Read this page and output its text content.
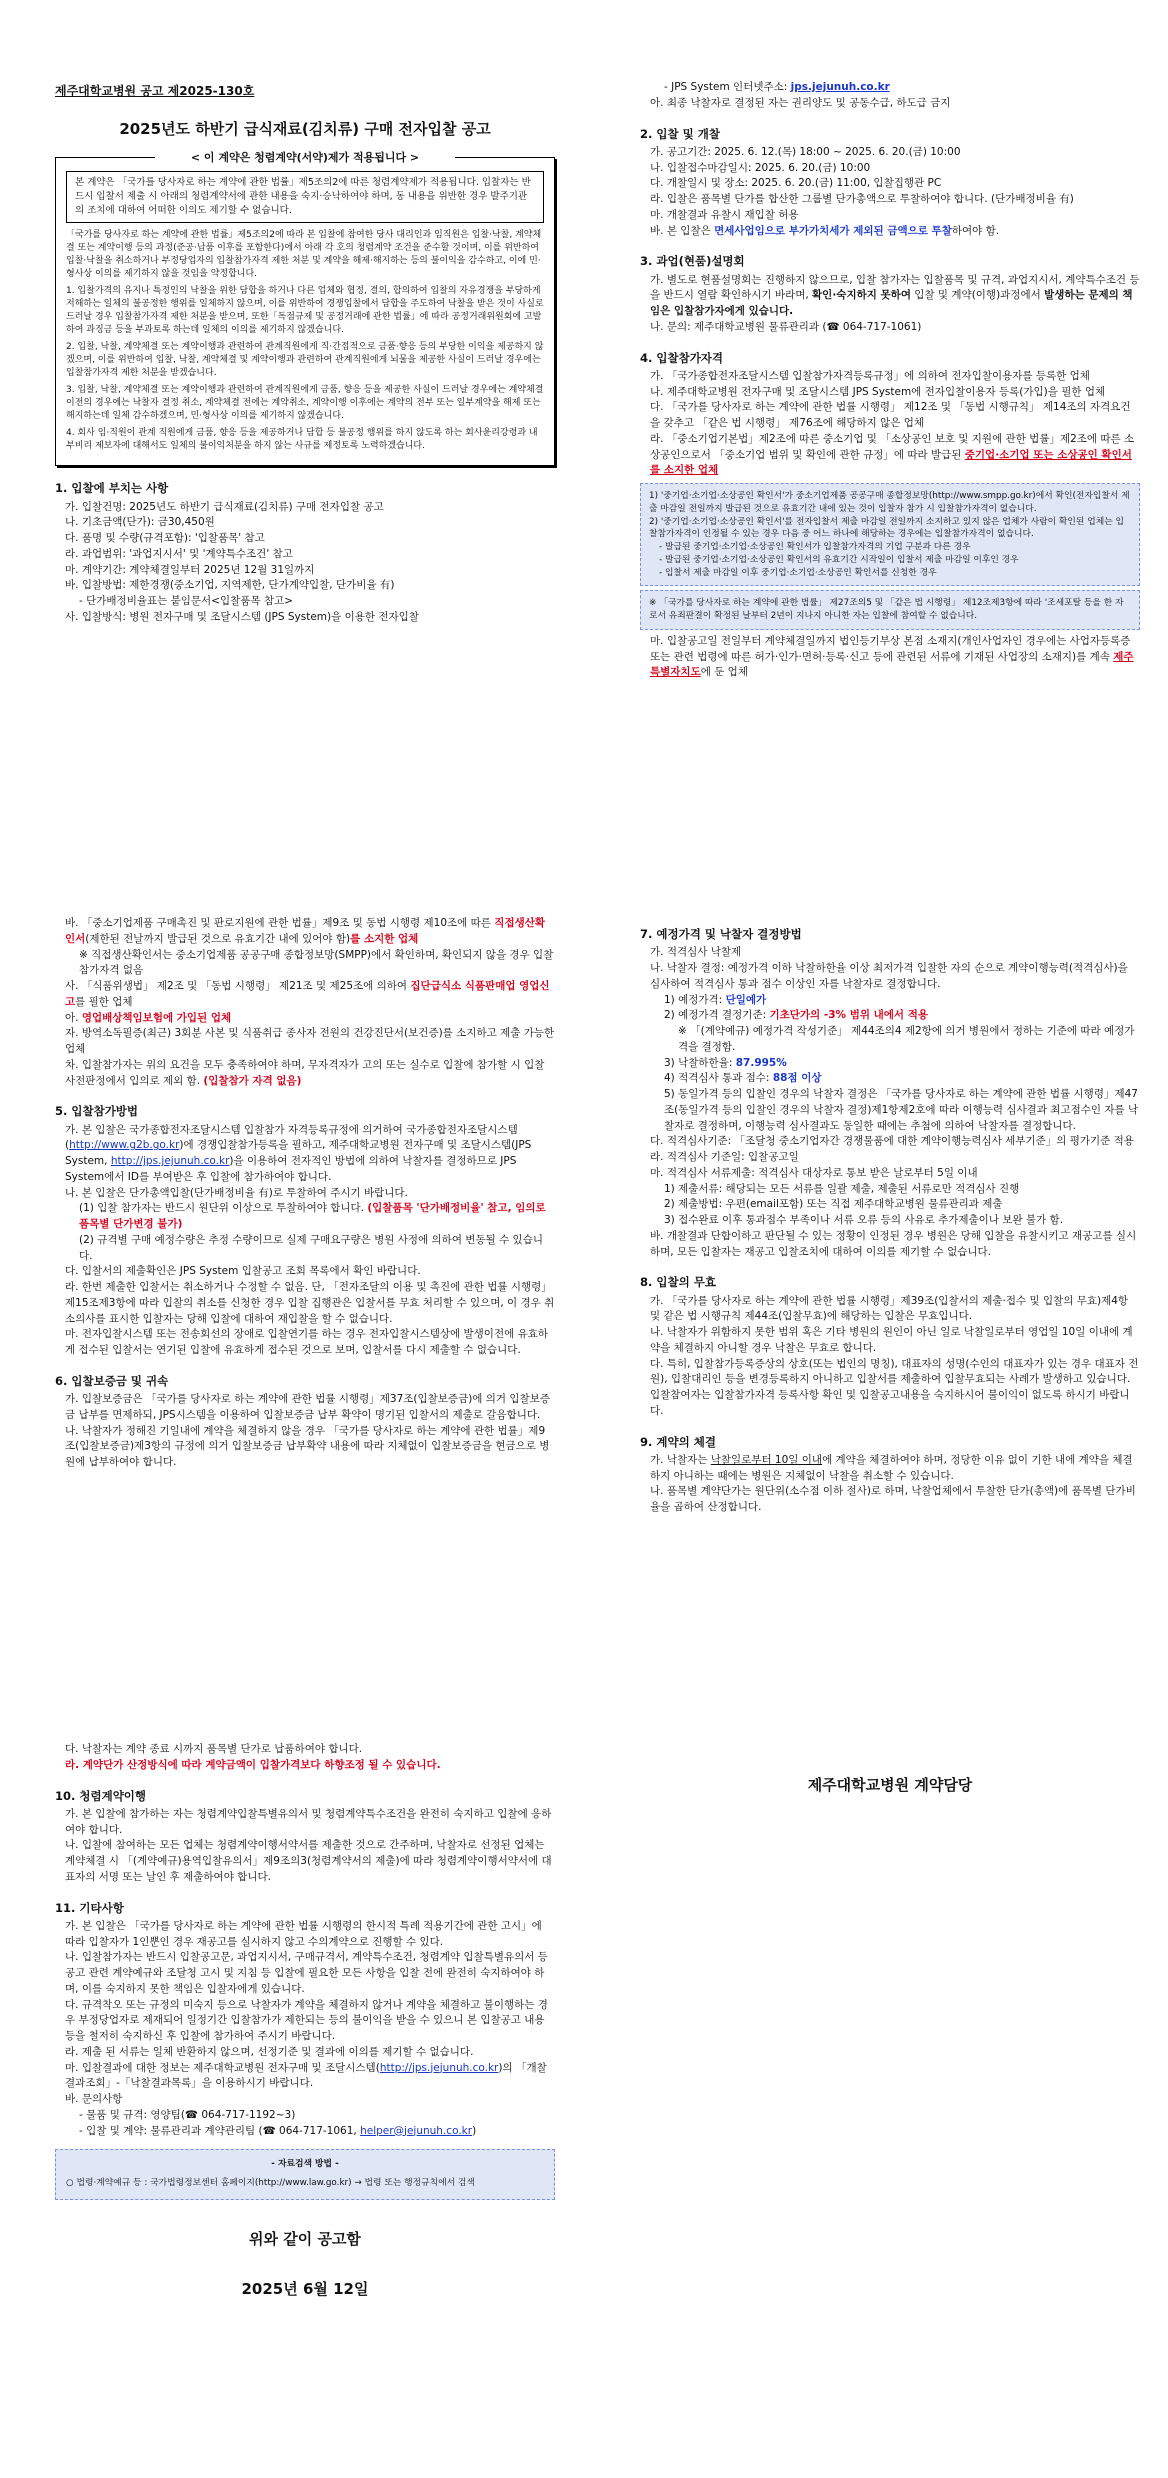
제주대학교병원 공고 제2025-130호
2025년도 하반기 급식재료(김치류) 구매 전자입찰 공고
< 이 계약은 청렴계약(서약)제가 적용됩니다 >
본 계약은 「국가를 당사자로 하는 계약에 관한 법률」제5조의2에 따른 청렴계약제가 적용됩니다. 입찰자는 반드시 입찰서 제출 시 아래의 청렴계약서에 관한 내용을 숙지·승낙하여야 하며, 동 내용을 위반한 경우 발주기관의 조치에 대하여 어떠한 이의도 제기할 수 없습니다.

「국가를 당사자로 하는 계약에 관한 법률」제5조의2에 따라 본 입찰에 참여한 당사 대리인과 임직원은 입찰·낙찰, 계약체결 또는 계약이행 등의 과정(준공·납품 이후를 포함한다)에서 아래 각 호의 청렴계약 조건을 준수할 것이며, 이를 위반하여 입찰·낙찰을 취소하거나 부정당업자의 입찰참가자격 제한 처분 및 계약을 해제·해지하는 등의 불이익을 감수하고, 이에 민·형사상 이의를 제기하지 않을 것임을 약정합니다.

1. 입찰가격의 유지나 특정인의 낙찰을 위한 담합을 하거나 다른 업체와 협정, 결의, 합의하여 입찰의 자유경쟁을 부당하게 저해하는 일체의 불공정한 행위를 일체하지 않으며, 이를 위반하여 경쟁입찰에서 담합을 주도하여 낙찰을 받은 것이 사실로 드러날 경우 입찰참가자격 제한 처분을 받으며, 또한「독점규제 및 공정거래에 관한 법률」에 따라 공정거래위원회에 고발하여 과징금 등을 부과토록 하는데 일체의 이의를 제기하지 않겠습니다.

2. 입찰, 낙찰, 계약체결 또는 계약이행과 관련하여 관계직원에게 직·간접적으로 금품·향응 등의 부당한 이익을 제공하지 않겠으며, 이를 위반하여 입찰, 낙찰, 계약체결 및 계약이행과 관련하여 관계직원에게 뇌물을 제공한 사실이 드러날 경우에는 입찰참가자격 제한 처분을 받겠습니다.

3. 입찰, 낙찰, 계약체결 또는 계약이행과 관련하여 관계직원에게 금품, 향응 등을 제공한 사실이 드러날 경우에는 계약체결 이전의 경우에는 낙찰자 결정 취소, 계약체결 전에는 계약취소, 계약이행 이후에는 계약의 전부 또는 일부계약을 해제 또는 해지하는데 일체 감수하겠으며, 민·형사상 이의를 제기하지 않겠습니다.

4. 회사 임·직원이 관계 직원에게 금품, 향응 등을 제공하거나 담합 등 불공정 행위를 하지 않도록 하는 회사윤리강령과 내부비리 제보자에 대해서도 일체의 불이익처분을 하지 않는 사규를 제정토록 노력하겠습니다.

1. 입찰에 부치는 사항
가. 입찰건명: 2025년도 하반기 급식재료(김치류) 구매 전자입찰 공고
나. 기초금액(단가): 금30,450원
다. 품명 및 수량(규격포함): '입찰품목' 참고
라. 과업범위: '과업지시서' 및 '계약특수조건' 참고
마. 계약기간: 계약체결일부터 2025년 12월 31일까지
바. 입찰방법: 제한경쟁(중소기업, 지역제한, 단가계약입찰, 단가비율 有)
- 단가배정비율표는 붙임문서<입찰품목 참고>
사. 입찰방식: 병원 전자구매 및 조달시스템 (JPS System)을 이용한 전자입찰
- JPS System 인터넷주소: jps.jejunuh.co.kr
아. 최종 낙찰자로 결정된 자는 권리양도 및 공동수급, 하도급 금지
2. 입찰 및 개찰
가. 공고기간: 2025. 6. 12.(목) 18:00 ~ 2025. 6. 20.(금) 10:00
나. 입찰접수마감일시: 2025. 6. 20.(금) 10:00
다. 개찰일시 및 장소: 2025. 6. 20.(금) 11:00, 입찰집행관 PC
라. 입찰은 품목별 단가를 합산한 그룹별 단가총액으로 투찰하여야 합니다. (단가배정비율 有)
마. 개찰결과 유찰시 재입찰 허용
바. 본 입찰은 면세사업임으로 부가가치세가 제외된 금액으로 투찰하여야 함.
3. 과업(현품)설명회
가. 별도로 현품설명회는 진행하지 않으므로, 입찰 참가자는 입찰품목 및 규격, 과업지시서, 계약특수조건 등을 반드시 열람 확인하시기 바라며, 확인·숙지하지 못하여 입찰 및 계약(이행)과정에서 발생하는 문제의 책임은 입찰참가자에게 있습니다.
나. 문의: 제주대학교병원 물류관리과 (☎ 064-717-1061)
4. 입찰참가자격
가. 「국가종합전자조달시스템 입찰참가자격등록규정」에 의하여 전자입찰이용자를 등록한 업체
나. 제주대학교병원 전자구매 및 조달시스템 JPS System에 전자입찰이용자 등록(가입)을 필한 업체
다. 「국가를 당사자로 하는 계약에 관한 법률 시행령」 제12조 및 「동법 시행규칙」 제14조의 자격요건을 갖추고 「같은 법 시행령」 제76조에 해당하지 않은 업체
라. 「중소기업기본법」제2조에 따른 중소기업 및 「소상공인 보호 및 지원에 관한 법률」제2조에 따른 소상공인으로서 「중소기업 범위 및 확인에 관한 규정」에 따라 발급된 중기업·소기업 또는 소상공인 확인서를 소지한 업체
1) '중기업·소기업·소상공인 확인서'가 중소기업제품 공공구매 종합정보망(http://www.smpp.go.kr)에서 확인(전자입찰서 제출 마감일 전일까지 발급된 것으로 유효기간 내에 있는 것이 입찰자 참가 시 입찰참가자격이 없습니다.
2) '중기업·소기업·소상공인 확인서'를 전자입찰서 제출 마감일 전일까지 소지하고 있지 않은 업체가 사람이 확인된 업체는 입찰참가자격이 인정될 수 있는 경우 다음 중 어느 하나에 해당하는 경우에는 입찰참가자격이 없습니다.
- 발급된 중기업·소기업·소상공인 확인서가 입찰참가자격의 기업 구분과 다른 경우
- 발급된 중기업·소기업·소상공인 확인서의 유효기간 시작일이 입찰서 제출 마감일 이후인 경우
- 입찰서 제출 마감일 이후 중기업·소기업·소상공인 확인서를 신청한 경우
※ 「국가를 당사자로 하는 계약에 관한 법률」 제27조의5 및 「같은 법 시행령」 제12조제3항에 따라 '조세포탈 등을 한 자로서 유죄판결이 확정된 날부터 2년이 지나지 아니한 자는 입찰에 참여할 수 없습니다.
마. 입찰공고일 전일부터 계약체결일까지 법인등기부상 본점 소재지(개인사업자인 경우에는 사업자등록증 또는 관련 법령에 따른 허가·인가·면허·등록·신고 등에 관련된 서류에 기재된 사업장의 소재지)를 계속 제주특별자치도에 둔 업체
바. 「중소기업제품 구매촉진 및 판로지원에 관한 법률」제9조 및 동법 시행령 제10조에 따른 직접생산확인서(제한된 전날까지 발급된 것으로 유효기간 내에 있어야 함)를 소지한 업체
※ 직접생산확인서는 중소기업제품 공공구매 종합정보망(SMPP)에서 확인하며, 확인되지 않을 경우 입찰참가자격 없음
사. 「식품위생법」 제2조 및 「동법 시행령」 제21조 및 제25조에 의하여 집단급식소 식품판매업 영업신고를 필한 업체
아. 영업배상책임보험에 가입된 업체
자. 방역소독필증(최근) 3회분 사본 및 식품취급 종사자 전원의 건강진단서(보건증)를 소지하고 제출 가능한 업체
차. 입찰참가자는 위의 요건을 모두 충족하여야 하며, 무자격자가 고의 또는 실수로 입찰에 참가할 시 입찰 사전판정에서 입의로 제외 함. (입찰참가 자격 없음)
5. 입찰참가방법
가. 본 입찰은 국가종합전자조달시스템 입찰참가 자격등록규정에 의거하여 국가종합전자조달시스템(http://www.g2b.go.kr)에 경쟁입찰참가등록을 필하고, 제주대학교병원 전자구매 및 조달시스템(JPS System, http://jps.jejunuh.co.kr)을 이용하여 전자적인 방법에 의하여 낙찰자를 결정하므로 JPS System에서 ID를 부여받은 후 입찰에 참가하여야 합니다.
나. 본 입찰은 단가총액입찰(단가배정비율 有)로 투찰하여 주시기 바랍니다.
(1) 입찰 참가자는 반드시 원단위 이상으로 투찰하여야 합니다. (입찰품목 '단가배정비율' 참고, 임의로 품목별 단가변경 불가)
(2) 규격별 구매 예정수량은 추정 수량이므로 실제 구매요구량은 병원 사정에 의하여 변동될 수 있습니다.
다. 입찰서의 제출확인은 JPS System 입찰공고 조회 목록에서 확인 바랍니다.
라. 한번 제출한 입찰서는 취소하거나 수정할 수 없음. 단, 「전자조달의 이용 및 촉진에 관한 법률 시행령」제15조제3항에 따라 입찰의 취소를 신청한 경우 입찰 집행관은 입찰서를 무효 처리할 수 있으며, 이 경우 취소의사를 표시한 입찰자는 당해 입찰에 대하여 재입찰을 할 수 없습니다.
마. 전자입찰시스템 또는 전송회선의 장애로 입찰연기를 하는 경우 전자입찰시스템상에 발생이전에 유효하게 접수된 입찰서는 연기된 입찰에 유효하게 접수된 것으로 보며, 입찰서를 다시 제출할 수 없습니다.
6. 입찰보증금 및 귀속
가. 입찰보증금은 「국가를 당사자로 하는 계약에 관한 법률 시행령」제37조(입찰보증금)에 의거 입찰보증금 납부를 면제하되, JPS시스템을 이용하여 입찰보증금 납부 확약이 명기된 입찰서의 제출로 갈음합니다.
나. 낙찰자가 정해진 기일내에 계약을 체결하지 않을 경우 「국가를 당사자로 하는 계약에 관한 법률」제9조(입찰보증금)제3항의 규정에 의거 입찰보증금 납부확약 내용에 따라 지체없이 입찰보증금을 현금으로 병원에 납부하여야 합니다.
7. 예정가격 및 낙찰자 결정방법
가. 적격심사 낙찰제
나. 낙찰자 결정: 예정가격 이하 낙찰하한율 이상 최저가격 입찰한 자의 순으로 계약이행능력(적격심사)을 심사하여 적격심사 통과 점수 이상인 자를 낙찰자로 결정합니다.
1) 예정가격: 단일예가
2) 예정가격 결정기준: 기초단가의 -3% 범위 내에서 적용
※ 「(계약예규) 예정가격 작성기준」 제44조의4 제2항에 의거 병원에서 정하는 기준에 따라 예정가격을 결정함.
3) 낙찰하한율: 87.995%
4) 적격심사 통과 점수: 88점 이상
5) 동일가격 등의 입찰인 경우의 낙찰자 결정은 「국가를 당사자로 하는 계약에 관한 법률 시행령」제47조(동일가격 등의 입찰인 경우의 낙찰자 결정)제1항제2호에 따라 이행능력 심사결과 최고점수인 자를 낙찰자로 결정하며, 이행능력 심사결과도 동일한 때에는 추첨에 의하여 낙찰자를 결정합니다.
다. 적격심사기준: 「조달청 중소기업자간 경쟁물품에 대한 계약이행능력심사 세부기준」의 평가기준 적용
라. 적격심사 기준일: 입찰공고일
마. 적격심사 서류제출: 적격심사 대상자로 통보 받은 날로부터 5일 이내
1) 제출서류: 해당되는 모든 서류를 일괄 제출, 제출된 서류로만 적격심사 진행
2) 제출방법: 우편(email포함) 또는 직접 제주대학교병원 물류관리과 제출
3) 접수완료 이후 통과점수 부족이나 서류 오류 등의 사유로 추가제출이나 보완 불가 함.
바. 개찰결과 단합이하고 판단될 수 있는 정황이 인정된 경우 병원은 당해 입찰을 유찰시키고 재공고를 실시하며, 모든 입찰자는 재공고 입찰조치에 대하여 이의를 제기할 수 없습니다.
8. 입찰의 무효
가. 「국가를 당사자로 하는 계약에 관한 법률 시행령」제39조(입찰서의 제출·접수 및 입찰의 무효)제4항 및 같은 법 시행규칙 제44조(입찰무효)에 해당하는 입찰은 무효입니다.
나. 낙찰자가 위함하지 못한 범위 혹은 기타 병원의 원인이 아닌 일로 낙찰일로부터 영업일 10일 이내에 계약을 체결하지 아니할 경우 낙찰은 무효로 합니다.
다. 특히, 입찰참가등록증상의 상호(또는 법인의 명칭), 대표자의 성명(수인의 대표자가 있는 경우 대표자 전원), 입찰대리인 등을 변경등록하지 아니하고 입찰서를 제출하여 입찰무효되는 사례가 발생하고 있습니다. 입찰참여자는 입찰참가자격 등록사항 확인 및 입찰공고내용을 숙지하시어 불이익이 없도록 하시기 바랍니다.
9. 계약의 체결
가. 낙찰자는 낙찰일로부터 10일 이내에 계약을 체결하여야 하며, 정당한 이유 없이 기한 내에 계약을 체결하지 아니하는 때에는 병원은 지체없이 낙찰을 취소할 수 있습니다.
나. 품목별 계약단가는 원단위(소수점 이하 절사)로 하며, 낙찰업체에서 투찰한 단가(총액)에 품목별 단가비율을 곱하여 산정합니다.
다. 낙찰자는 계약 종료 시까지 품목별 단가로 납품하여야 합니다.
라. 계약단가 산정방식에 따라 계약금액이 입찰가격보다 하향조정 될 수 있습니다.
10. 청렴계약이행
가. 본 입찰에 참가하는 자는 청렴계약입찰특별유의서 및 청렴계약특수조건을 완전히 숙지하고 입찰에 응하여야 합니다.
나. 입찰에 참여하는 모든 업체는 청렴계약이행서약서를 제출한 것으로 간주하며, 낙찰자로 선정된 업체는 계약체결 시 「(계약예규)용역입찰유의서」제9조의3(청렴계약서의 제출)에 따라 청렴계약이행서약서에 대표자의 서명 또는 날인 후 제출하여야 합니다.
11. 기타사항
가. 본 입찰은 「국가를 당사자로 하는 계약에 관한 법률 시행령의 한시적 특례 적용기간에 관한 고시」에 따라 입찰자가 1인뿐인 경우 재공고를 실시하지 않고 수의계약으로 진행할 수 있다.
나. 입찰참가자는 반드시 입찰공고문, 과업지시서, 구매규격서, 계약특수조건, 청렴계약 입찰특별유의서 등 공고 관련 계약예규와 조달청 고시 및 지침 등 입찰에 필요한 모든 사항을 입찰 전에 완전히 숙지하여야 하며, 이를 숙지하지 못한 책임은 입찰자에게 있습니다.
다. 규격착오 또는 규정의 미숙지 등으로 낙찰자가 계약을 체결하지 않거나 계약을 체결하고 불이행하는 경우 부정당업자로 제재되어 일정기간 입찰참가가 제한되는 등의 불이익을 받을 수 있으니 본 입찰공고 내용 등을 철저히 숙지하신 후 입찰에 참가하여 주시기 바랍니다.
라. 제출 된 서류는 일체 반환하지 않으며, 선정기준 및 결과에 이의를 제기할 수 없습니다.
마. 입찰결과에 대한 정보는 제주대학교병원 전자구매 및 조달시스템(http://jps.jejunuh.co.kr)의 「개찰결과조회」-「낙찰결과목록」을 이용하시기 바랍니다.
바. 문의사항
- 물품 및 규격: 영양팀(☎ 064-717-1192~3)
- 입찰 및 계약: 물류관리과 계약관리팀 (☎ 064-717-1061, helper@jejunuh.co.kr)
- 자료검색 방법 -
○ 법령·계약예규 등 : 국가법령정보센터 홈페이지(http://www.law.go.kr) → 법령 또는 행정규칙에서 검색
위와 같이 공고함
2025년 6월 12일
제주대학교병원 계약담당
